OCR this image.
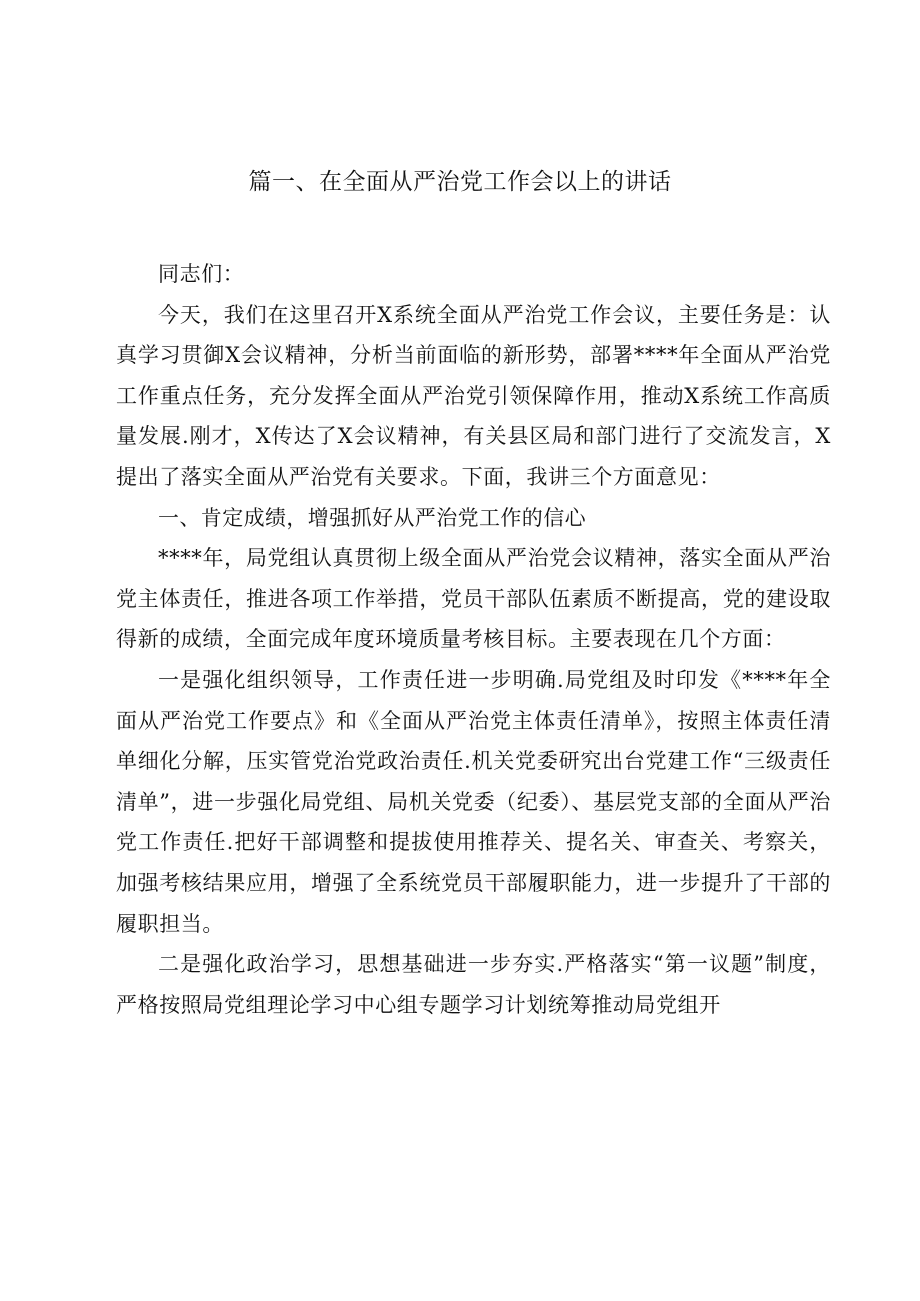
篇一、在全面从严治党工作会以上的讲话

同志们：

今天，我们在这里召开X系统全面从严治党工作会议，主要任务是：认真学习贯御X会议精神，分析当前面临的新形势，部署****年全面从严治党工作重点任务，充分发挥全面从严治党引领保障作用，推动X系统工作高质量发展.刚才，X传达了X会议精神，有关县区局和部门进行了交流发言，X提出了落实全面从严治党有关要求。下面，我讲三个方面意见：

一、肯定成绩，增强抓好从严治党工作的信心

****年，局党组认真贯彻上级全面从严治党会议精神，落实全面从严治党主体责任，推进各项工作举措，党员干部队伍素质不断提高，党的建设取得新的成绩，全面完成年度环境质量考核目标。主要表现在几个方面：

一是强化组织领导，工作责任进一步明确.局党组及时印发《****年全面从严治党工作要点》和《全面从严治党主体责任清单》，按照主体责任清单细化分解，压实管党治党政治责任.机关党委研究出台党建工作“三级责任清单”，进一步强化局党组、局机关党委（纪委）、基层党支部的全面从严治党工作责任.把好干部调整和提拔使用推荐关、提名关、审查关、考察关，加强考核结果应用，增强了全系统党员干部履职能力，进一步提升了干部的履职担当。

二是强化政治学习，思想基础进一步夯实.严格落实“第一议题”制度，严格按照局党组理论学习中心组专题学习计划统筹推动局党组开
